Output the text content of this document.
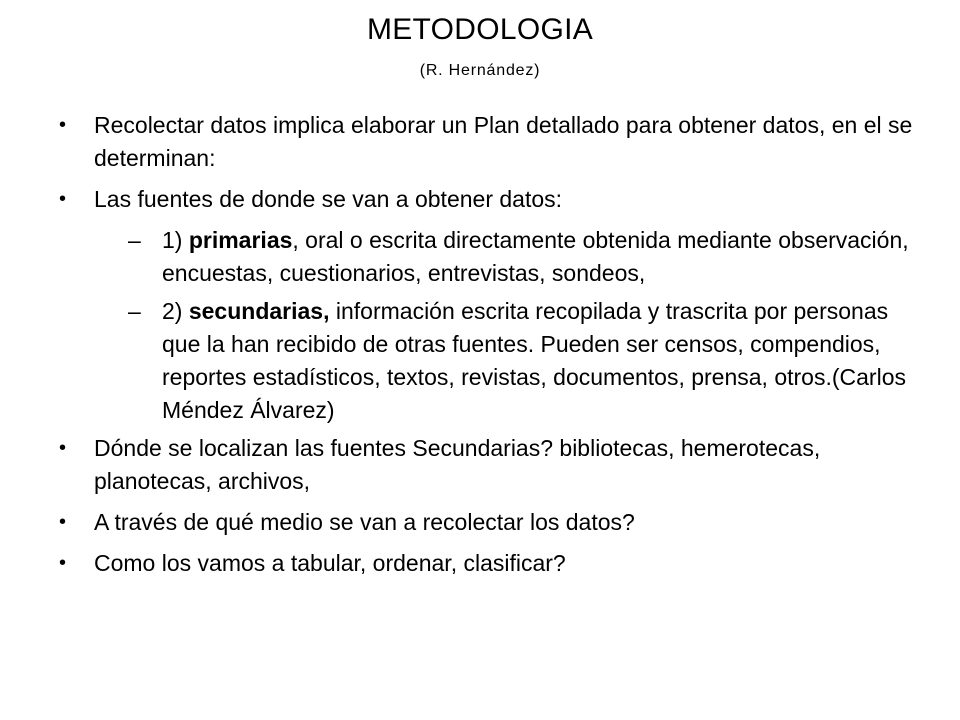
METODOLOGIA
(R. Hernández)
• Recolectar datos implica elaborar un Plan detallado para obtener datos, en el se determinan:
• Las fuentes de donde se van a obtener datos:
– 1) primarias, oral o escrita directamente obtenida mediante observación, encuestas, cuestionarios, entrevistas, sondeos,
– 2) secundarias, información escrita recopilada y trascrita por personas que la han recibido de otras fuentes. Pueden ser censos, compendios, reportes estadísticos, textos, revistas, documentos, prensa, otros.(Carlos Méndez Álvarez)
• Dónde se localizan las fuentes Secundarias? bibliotecas, hemerotecas, planotecas, archivos,
• A través de qué medio se van a recolectar los datos?
• Como los vamos a tabular, ordenar, clasificar?
